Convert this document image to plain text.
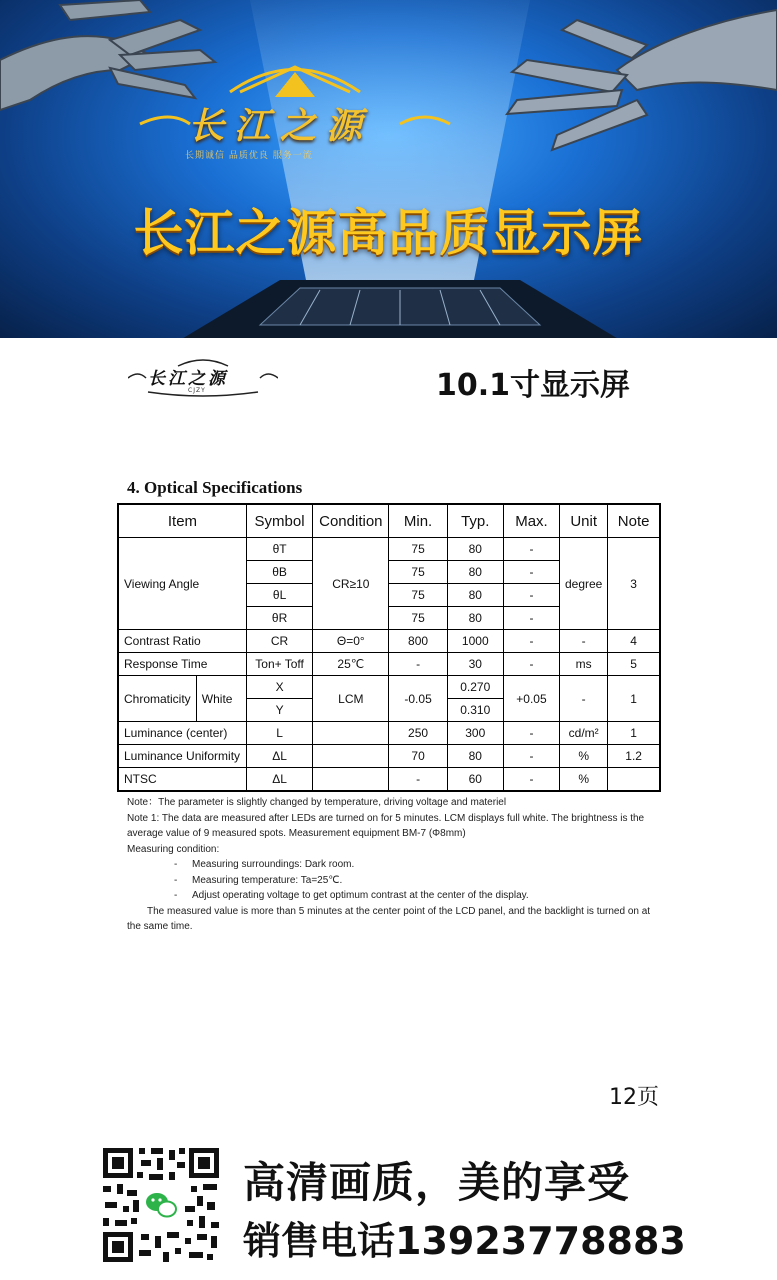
长江之源
长期诚信 品质优良 服务一流
长江之源高品质显示屏
长江之源
CJZY	10.1寸显示屏
4. Optical Specifications
Item		Symbol	Condition	Min.	Typ.	Max.	Unit	Note
Viewing Angle		θT	CR≥10	75	80	-	degree	3
		θB		75	80	-		
		θL		75	80	-		
		θR		75	80	-		
Contrast Ratio		CR	Θ=0°	800	1000	-	-	4
Response Time		Ton+ Toff	25℃	-	30	-	ms	5
Chromaticity	White	X	LCM	-0.05	0.270	+0.05	-	1
		Y			0.310			
Luminance (center)		L		250	300	-	cd/m²	1
Luminance Uniformity		ΔL		70	80	-	%	1.2
NTSC		ΔL		-	60	-	%	

Note：The parameter is slightly changed by temperature, driving voltage and materiel

Note 1: The data are measured after LEDs are turned on for 5 minutes. LCM displays full white. The brightness is the average value of 9 measured spots. Measurement equipment BM-7 (Φ8mm)

Measuring condition:

- Measuring surroundings: Dark room.

- Measuring temperature: Ta=25℃.

- Adjust operating voltage to get optimum contrast at the center of the display.

The measured value is more than 5 minutes at the center point of the LCD panel, and the backlight is turned on at the same time.

12页
高清画质，美的享受
销售电话13923778883
